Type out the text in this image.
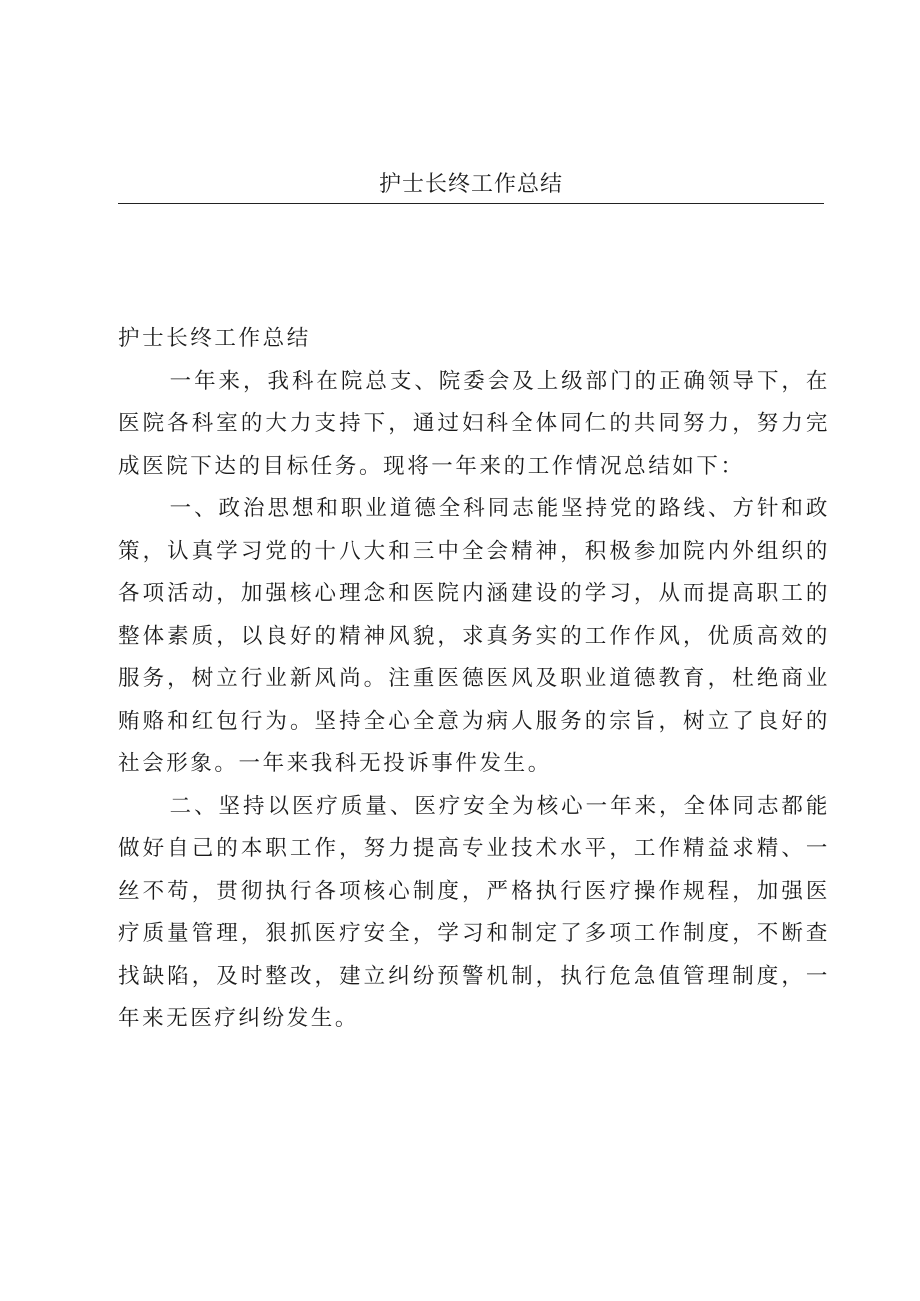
护士长终工作总结

护士长终工作总结

一年来，我科在院总支、院委会及上级部门的正确领导下，在医院各科室的大力支持下，通过妇科全体同仁的共同努力，努力完成医院下达的目标任务。现将一年来的工作情况总结如下：

一、政治思想和职业道德全科同志能坚持党的路线、方针和政策，认真学习党的十八大和三中全会精神，积极参加院内外组织的各项活动，加强核心理念和医院内涵建设的学习，从而提高职工的整体素质，以良好的精神风貌，求真务实的工作作风，优质高效的服务，树立行业新风尚。注重医德医风及职业道德教育，杜绝商业贿赂和红包行为。坚持全心全意为病人服务的宗旨，树立了良好的社会形象。一年来我科无投诉事件发生。

二、坚持以医疗质量、医疗安全为核心一年来，全体同志都能做好自己的本职工作，努力提高专业技术水平，工作精益求精、一丝不苟，贯彻执行各项核心制度，严格执行医疗操作规程，加强医疗质量管理，狠抓医疗安全，学习和制定了多项工作制度，不断查找缺陷，及时整改，建立纠纷预警机制，执行危急值管理制度，一年来无医疗纠纷发生。
